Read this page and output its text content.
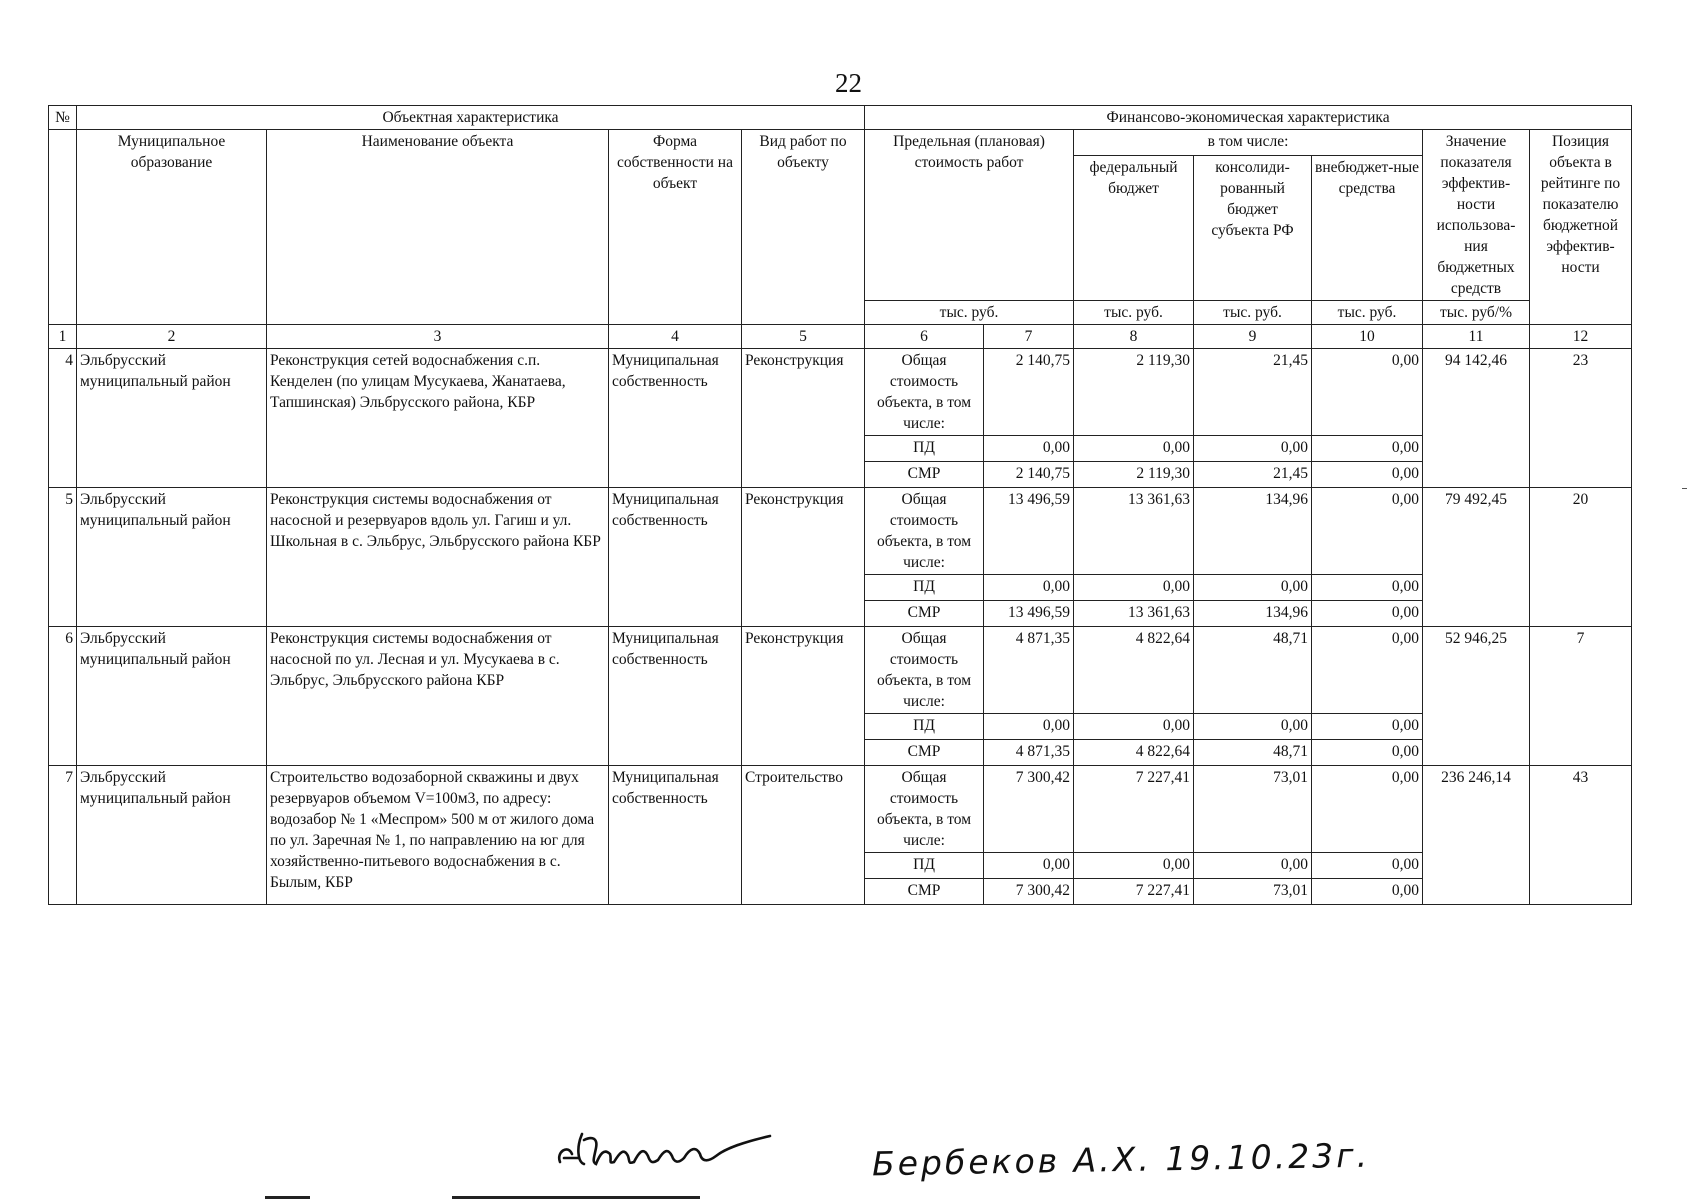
22
№	Объектная характеристика				Финансово-экономическая характеристика						
	Муниципальное образование	Наименование объекта	Форма собственности на объект	Вид работ по объекту	Предельная (плановая) стоимость работ		в том числе:			Значение показателя эффектив-ности использова-ния бюджетных средств	Позиция объекта в рейтинге по показателю бюджетной эффектив-ности
							федеральный бюджет	консолиди-рованный бюджет субъекта РФ	внебюджет-ные средства		
					тыс. руб.		тыс. руб.	тыс. руб.	тыс. руб.	тыс. руб/%	
1	2	3	4	5	6	7	8	9	10	11	12
4	Эльбрусский муниципальный район	Реконструкция сетей водоснабжения с.п. Кенделен (по улицам Мусукаева, Жанатаева, Тапшинская) Эльбрусского района, КБР	Муниципальная собственность	Реконструкция	Общая стоимость объекта, в том числе:	2 140,75	2 119,30	21,45	0,00	94 142,46	23
					ПД	0,00	0,00	0,00	0,00		
					СМР	2 140,75	2 119,30	21,45	0,00		
5	Эльбрусский муниципальный район	Реконструкция системы водоснабжения от насосной и резервуаров вдоль ул. Гагиш и ул. Школьная в с. Эльбрус, Эльбрусского района КБР	Муниципальная собственность	Реконструкция	Общая стоимость объекта, в том числе:	13 496,59	13 361,63	134,96	0,00	79 492,45	20
					ПД	0,00	0,00	0,00	0,00		
					СМР	13 496,59	13 361,63	134,96	0,00		
6	Эльбрусский муниципальный район	Реконструкция системы водоснабжения от насосной по ул. Лесная и ул. Мусукаева в с. Эльбрус, Эльбрусского района КБР	Муниципальная собственность	Реконструкция	Общая стоимость объекта, в том числе:	4 871,35	4 822,64	48,71	0,00	52 946,25	7
					ПД	0,00	0,00	0,00	0,00		
					СМР	4 871,35	4 822,64	48,71	0,00		
7	Эльбрусский муниципальный район	Строительство водозаборной скважины и двух резервуаров объемом V=100м3, по адресу: водозабор № 1 «Меспром» 500 м от жилого дома по ул. Заречная № 1, по направлению на юг для хозяйственно-питьевого водоснабжения в с. Былым, КБР	Муниципальная собственность	Строительство	Общая стоимость объекта, в том числе:	7 300,42	7 227,41	73,01	0,00	236 246,14	43
					ПД	0,00	0,00	0,00	0,00		
					СМР	7 300,42	7 227,41	73,01	0,00		
Бербеков А.Х. 19.10.23г.
